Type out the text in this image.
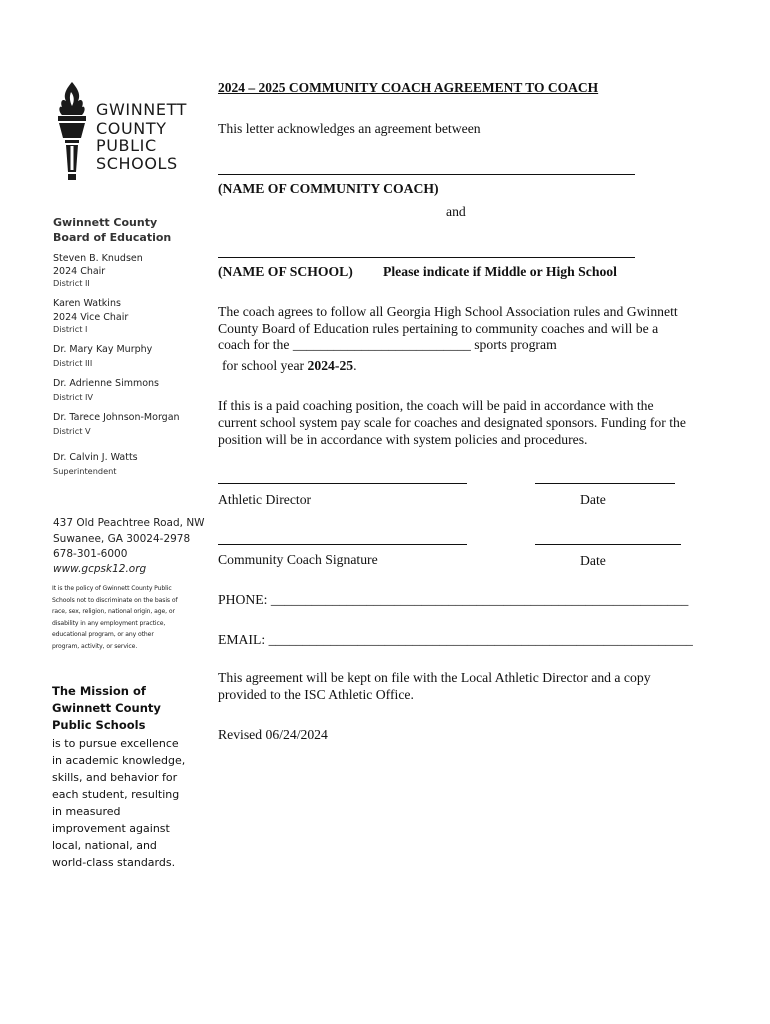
GWINNETT
COUNTY
PUBLIC
SCHOOLS
Gwinnett County
Board of Education
Steven B. Knudsen
2024 Chair
District II
Karen Watkins
2024 Vice Chair
District I
Dr. Mary Kay Murphy
District III
Dr. Adrienne Simmons
District IV
Dr. Tarece Johnson-Morgan
District V
Dr. Calvin J. Watts
Superintendent
437 Old Peachtree Road, NW
Suwanee, GA 30024-2978
678-301-6000
www.gcpsk12.org
It is the policy of Gwinnett County Public Schools not to discriminate on the basis of race, sex, religion, national origin, age, or disability in any employment practice, educational program, or any other program, activity, or service.
The Mission of Gwinnett County Public Schools
is to pursue excellence in academic knowledge, skills, and behavior for each student, resulting in measured improvement against local, national, and world-class standards.
2024 – 2025 COMMUNITY COACH AGREEMENT TO COACH
This letter acknowledges an agreement between
(NAME OF COMMUNITY COACH)
and
(NAME OF SCHOOL) Please indicate if Middle or High School
The coach agrees to follow all Georgia High School Association rules and Gwinnett County Board of Education rules pertaining to community coaches and will be a
coach for the __________________________ sports program
for school year 2024-25.
If this is a paid coaching position, the coach will be paid in accordance with the current school system pay scale for coaches and designated sponsors. Funding for the position will be in accordance with system policies and procedures.
Athletic Director	Date
Community Coach Signature	Date
PHONE: _____________________________________________________________
EMAIL: ______________________________________________________________
This agreement will be kept on file with the Local Athletic Director and a copy provided to the ISC Athletic Office.
Revised 06/24/2024
